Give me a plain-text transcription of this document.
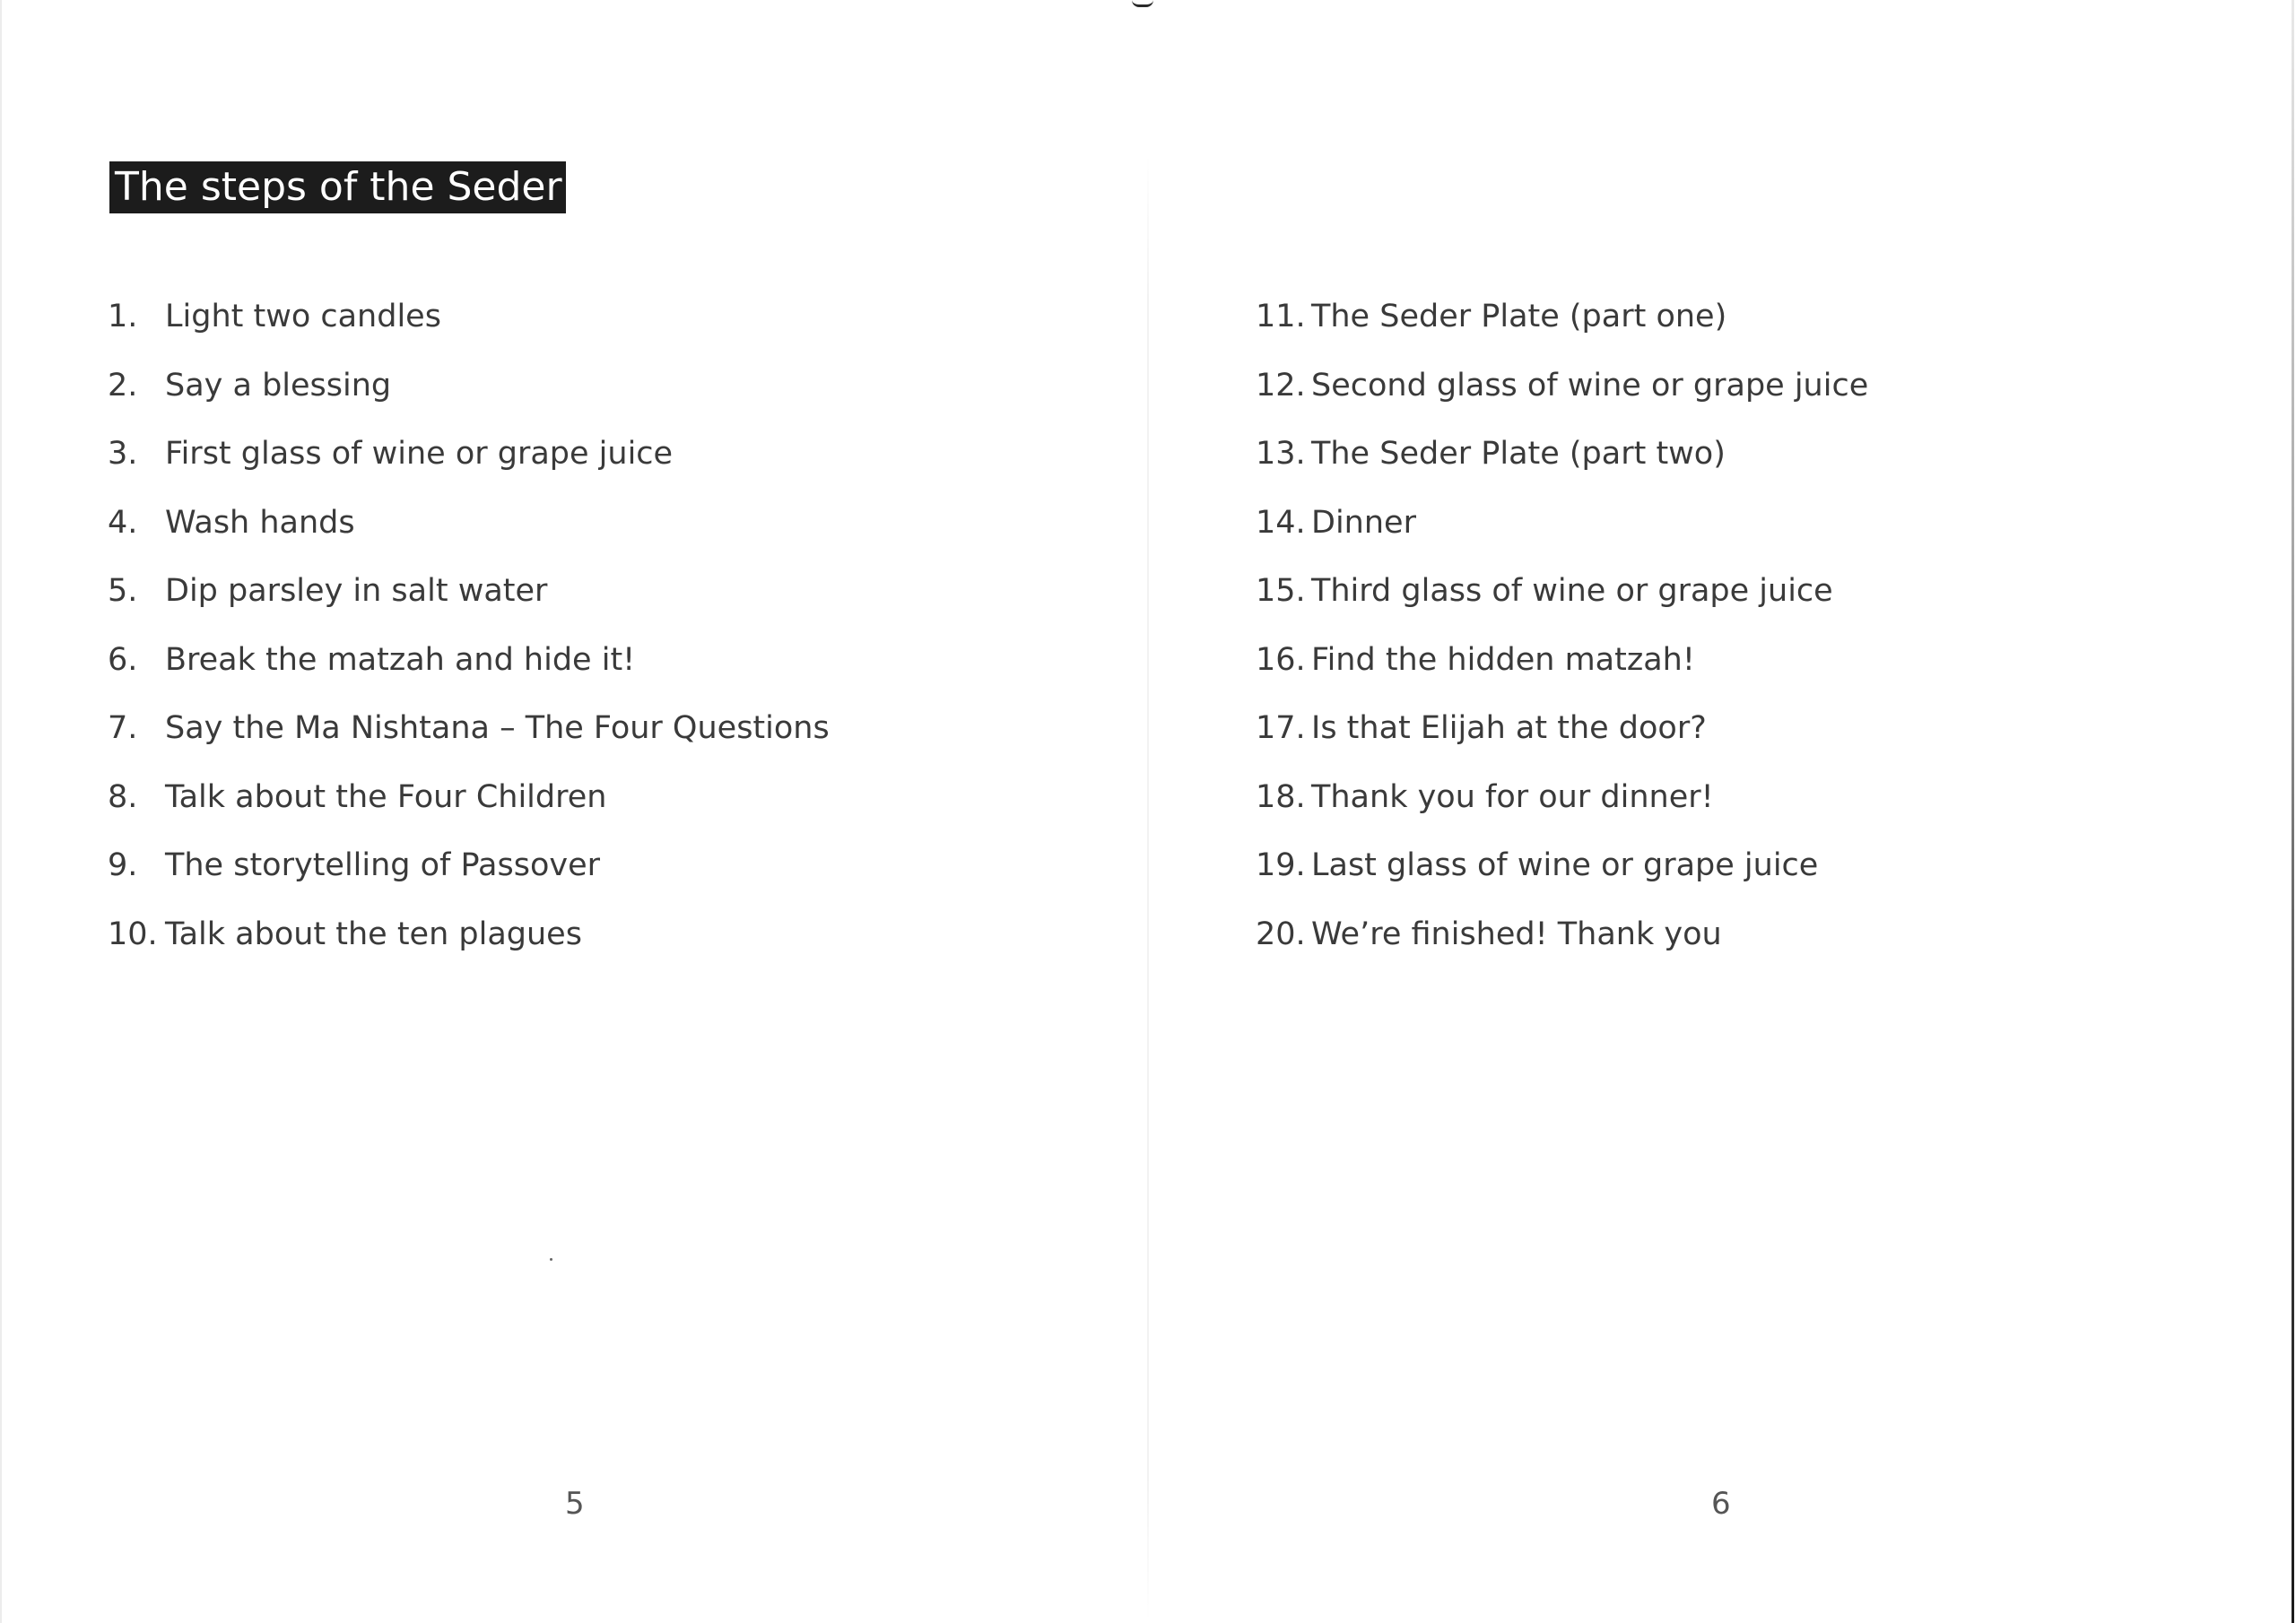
The steps of the Seder
1. Light two candles
2. Say a blessing
3. First glass of wine or grape juice
4. Wash hands
5. Dip parsley in salt water
6. Break the matzah and hide it!
7. Say the Ma Nishtana – The Four Questions
8. Talk about the Four Children
9. The storytelling of Passover
10. Talk about the ten plagues
5
11. The Seder Plate (part one)
12. Second glass of wine or grape juice
13. The Seder Plate (part two)
14. Dinner
15. Third glass of wine or grape juice
16. Find the hidden matzah!
17. Is that Elijah at the door?
18. Thank you for our dinner!
19. Last glass of wine or grape juice
20. We’re finished! Thank you
6
